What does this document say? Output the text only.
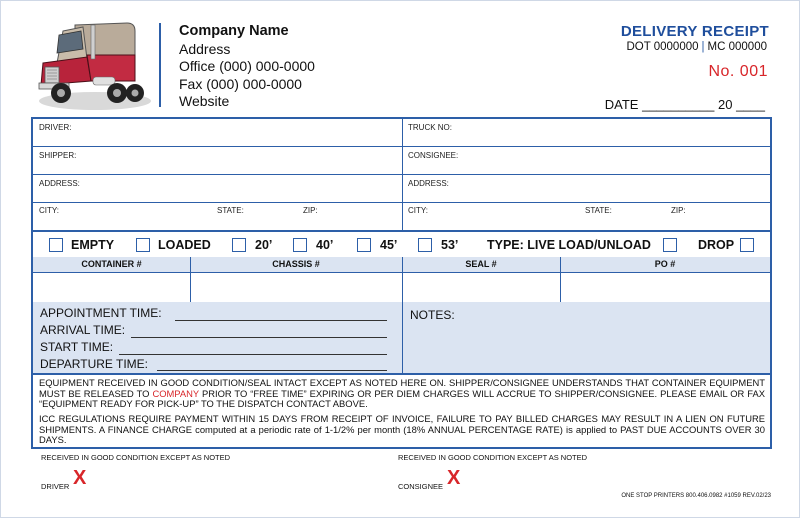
Company Name
Address
Office (000) 000-0000
Fax (000) 000-0000
Website
DELIVERY RECEIPT
DOT 0000000 | MC 000000
No. 001
DATE __________ 20 ____
DRIVER:	TRUCK NO:
SHIPPER:	CONSIGNEE:
ADDRESS:	ADDRESS:
CITY:	STATE:	ZIP:	CITY:	STATE:	ZIP:
EMPTY	LOADED	20’	40’	45’	53’ TYPE: LIVE LOAD/UNLOAD	DROP
CONTAINER #	CHASSIS #	SEAL #	PO #
APPOINTMENT TIME:
ARRIVAL TIME:
START TIME:
DEPARTURE TIME:
NOTES:
EQUIPMENT RECEIVED IN GOOD CONDITION/SEAL INTACT EXCEPT AS NOTED HERE ON. SHIPPER/CONSIGNEE UNDERSTANDS THAT CONTAINER EQUIPMENT MUST BE RELEASED TO COMPANY PRIOR TO “FREE TIME” EXPIRING OR PER DIEM CHARGES WILL ACCRUE TO SHIPPER/CONSIGNEE. PLEASE EMAIL OR FAX “EQUIPMENT READY FOR PICK-UP” TO THE DISPATCH CONTACT ABOVE.
ICC REGULATIONS REQUIRE PAYMENT WITHIN 15 DAYS FROM RECEIPT OF INVOICE, FAILURE TO PAY BILLED CHARGES MAY RESULT IN A LIEN ON FUTURE SHIPMENTS. A FINANCE CHARGE computed at a periodic rate of 1-1/2% per month (18% ANNUAL PERCENTAGE RATE) is applied to PAST DUE ACCOUNTS OVER 30 DAYS.
RECEIVED IN GOOD CONDITION EXCEPT AS NOTED	RECEIVED IN GOOD CONDITION EXCEPT AS NOTED
DRIVER X	CONSIGNEE X
ONE STOP PRINTERS 800.406.0982 #1059 REV.02/23
